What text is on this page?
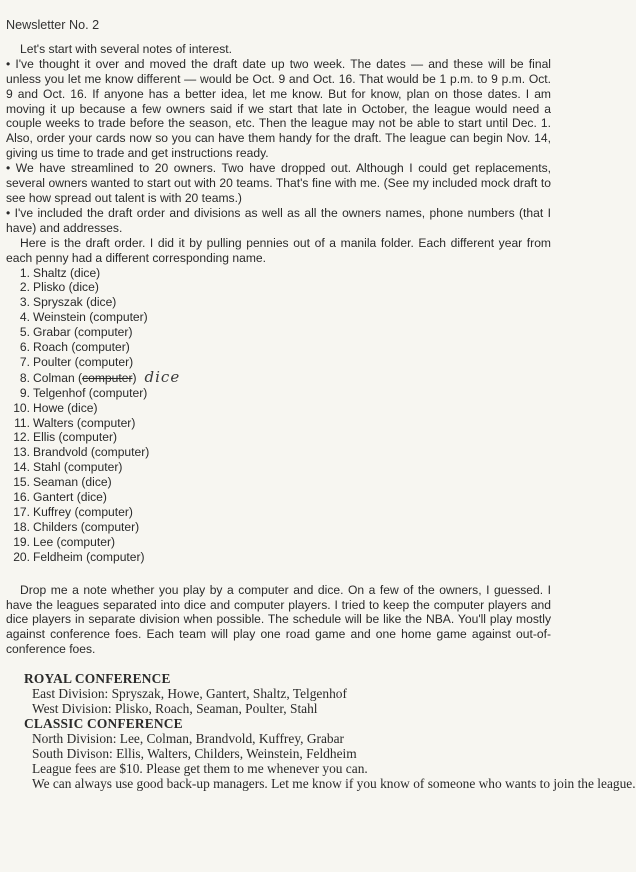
Newsletter No. 2

Let's start with several notes of interest.

• I've thought it over and moved the draft date up two week. The dates — and these will be final unless you let me know different — would be Oct. 9 and Oct. 16. That would be 1 p.m. to 9 p.m. Oct. 9 and Oct. 16. If anyone has a better idea, let me know. But for know, plan on those dates. I am moving it up because a few owners said if we start that late in October, the league would need a couple weeks to trade before the season, etc. Then the league may not be able to start until Dec. 1. Also, order your cards now so you can have them handy for the draft. The league can begin Nov. 14, giving us time to trade and get instructions ready.

• We have streamlined to 20 owners. Two have dropped out. Although I could get replacements, several owners wanted to start out with 20 teams. That's fine with me. (See my included mock draft to see how spread out talent is with 20 teams.)

• I've included the draft order and divisions as well as all the owners names, phone numbers (that I have) and addresses.

Here is the draft order. I did it by pulling pennies out of a manila folder. Each different year from each penny had a different corresponding name.

1. Shaltz (dice)
2. Plisko (dice)
3. Spryszak (dice)
4. Weinstein (computer)
5. Grabar (computer)
6. Roach (computer)
7. Poulter (computer)
8. Colman (computer) dice
9. Telgenhof (computer)
10. Howe (dice)
11. Walters (computer)
12. Ellis (computer)
13. Brandvold (computer)
14. Stahl (computer)
15. Seaman (dice)
16. Gantert (dice)
17. Kuffrey (computer)
18. Childers (computer)
19. Lee (computer)
20. Feldheim (computer)

Drop me a note whether you play by a computer and dice. On a few of the owners, I guessed. I have the leagues separated into dice and computer players. I tried to keep the computer players and dice players in separate division when possible. The schedule will be like the NBA. You'll play mostly against conference foes. Each team will play one road game and one home game against out-of-conference foes.

ROYAL CONFERENCE
East Division: Spryszak, Howe, Gantert, Shaltz, Telgenhof
West Division: Plisko, Roach, Seaman, Poulter, Stahl
CLASSIC CONFERENCE
North Division: Lee, Colman, Brandvold, Kuffrey, Grabar
South Divison: Ellis, Walters, Childers, Weinstein, Feldheim
League fees are $10. Please get them to me whenever you can.
We can always use good back-up managers. Let me know if you know of someone who wants to join the league.
